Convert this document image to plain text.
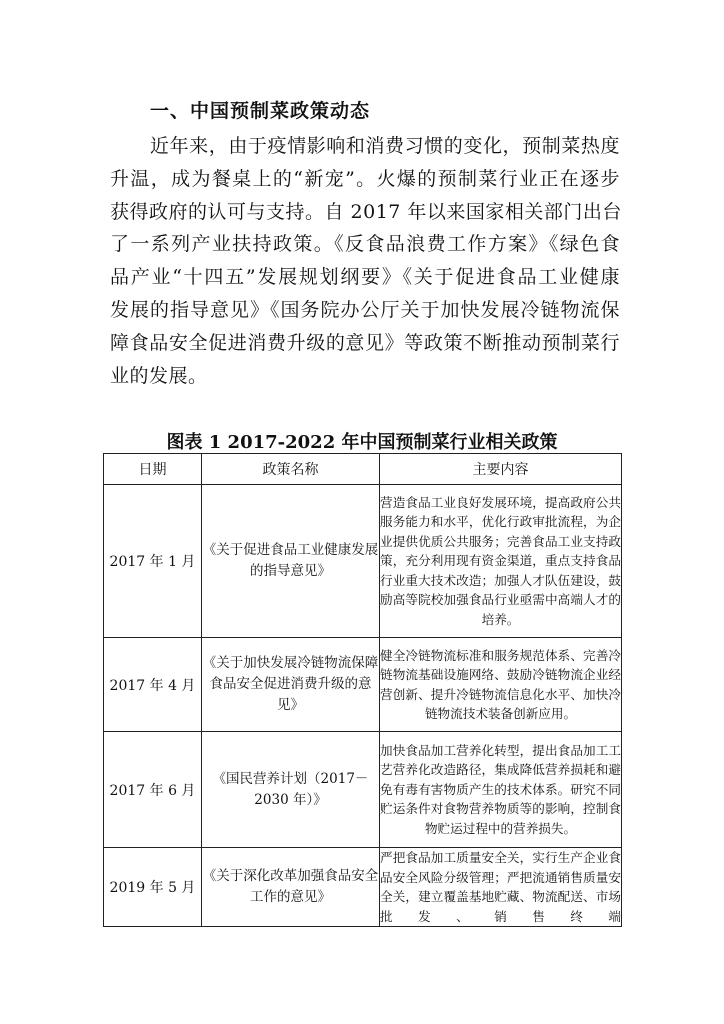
一、中国预制菜政策动态
近年来，由于疫情影响和消费习惯的变化，预制菜热度
升温，成为餐桌上的“新宠”。火爆的预制菜行业正在逐步
获得政府的认可与支持。自 2017 年以来国家相关部门出台
了一系列产业扶持政策。《反食品浪费工作方案》《绿色食
品产业“十四五”发展规划纲要》《关于促进食品工业健康
发展的指导意见》《国务院办公厅关于加快发展冷链物流保
障食品安全促进消费升级的意见》等政策不断推动预制菜行
业的发展。
图表 1 2017-2022 年中国预制菜行业相关政策
日期	政策名称	主要内容
2017 年 1 月	《关于促进食品工业健康发展的指导意见》	营造食品工业良好发展环境，提高政府公共服务能力和水平，优化行政审批流程，为企业提供优质公共服务；完善食品工业支持政策，充分利用现有资金渠道，重点支持食品行业重大技术改造；加强人才队伍建设，鼓励高等院校加强食品行业亟需中高端人才的培养。
2017 年 4 月	《关于加快发展冷链物流保障食品安全促进消费升级的意见》	健全冷链物流标准和服务规范体系、完善冷链物流基础设施网络、鼓励冷链物流企业经营创新、提升冷链物流信息化水平、加快冷链物流技术装备创新应用。
2017 年 6 月	《国民营养计划（2017－2030 年）》	加快食品加工营养化转型，提出食品加工工艺营养化改造路径，集成降低营养损耗和避免有毒有害物质产生的技术体系。研究不同贮运条件对食物营养物质等的影响，控制食物贮运过程中的营养损失。
2019 年 5 月	《关于深化改革加强食品安全工作的意见》	严把食品加工质量安全关，实行生产企业食品安全风险分级管理；严把流通销售质量安全关，建立覆盖基地贮藏、物流配送、市场批发、销售终端
